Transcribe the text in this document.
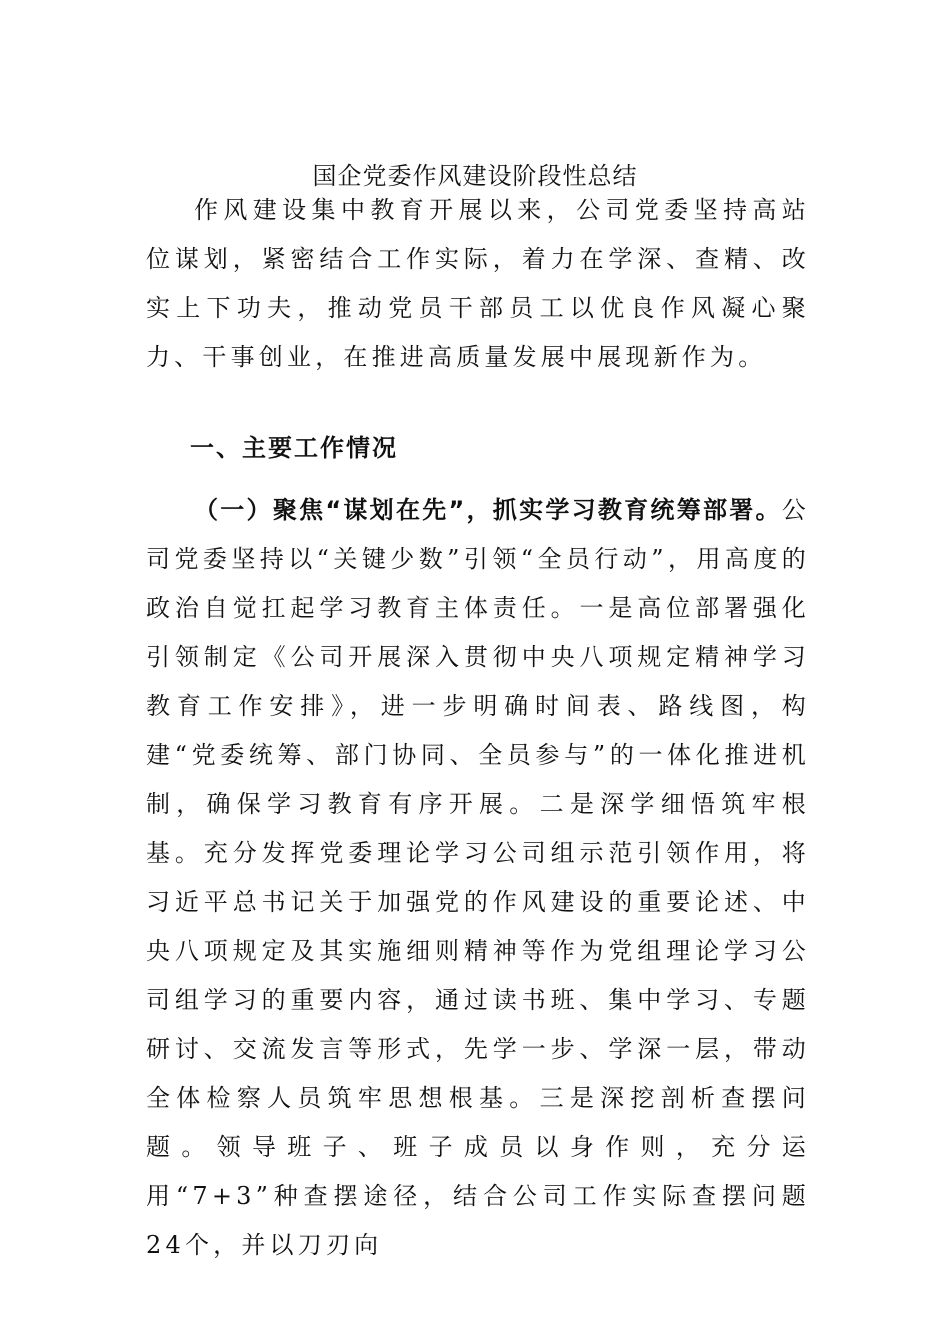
国企党委作风建设阶段性总结

作风建设集中教育开展以来，公司党委坚持高站位谋划，紧密结合工作实际，着力在学深、查精、改实上下功夫，推动党员干部员工以优良作风凝心聚力、干事创业，在推进高质量发展中展现新作为。

一、主要工作情况

（一）聚焦“谋划在先”，抓实学习教育统筹部署。公司党委坚持以“关键少数”引领“全员行动”，用高度的政治自觉扛起学习教育主体责任。一是高位部署强化引领制定《公司开展深入贯彻中央八项规定精神学习教育工作安排》，进一步明确时间表、路线图，构建“党委统筹、部门协同、全员参与”的一体化推进机制，确保学习教育有序开展。二是深学细悟筑牢根基。充分发挥党委理论学习公司组示范引领作用，将习近平总书记关于加强党的作风建设的重要论述、中央八项规定及其实施细则精神等作为党组理论学习公司组学习的重要内容，通过读书班、集中学习、专题研讨、交流发言等形式，先学一步、学深一层，带动全体检察人员筑牢思想根基。三是深挖剖析查摆问题。领导班子、班子成员以身作则，充分运用“7+3”种查摆途径，结合公司工作实际查摆问题24个，并以刀刃向
